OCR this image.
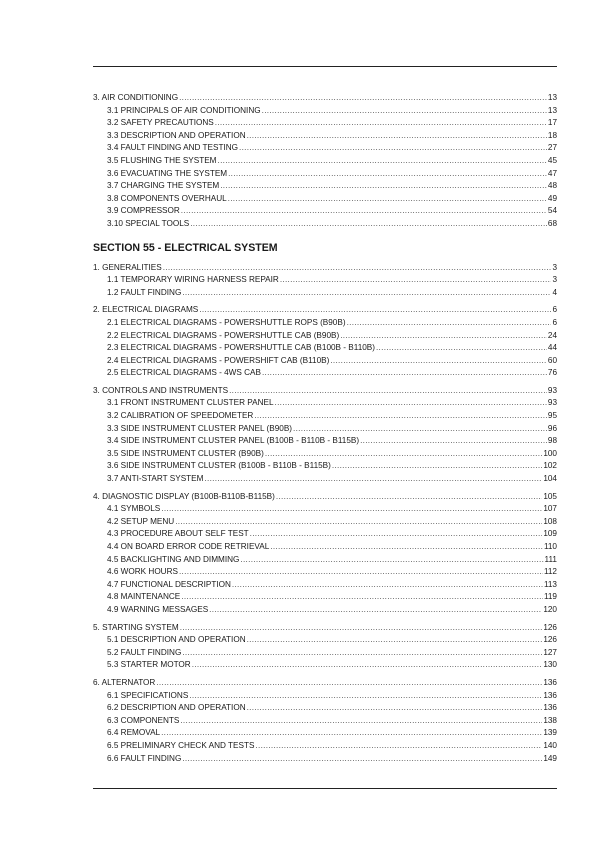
3. AIR CONDITIONING .....	13
3.1 PRINCIPALS OF AIR CONDITIONING .....	13
3.2 SAFETY PRECAUTIONS .....	17
3.3 DESCRIPTION AND OPERATION .....	18
3.4 FAULT FINDING AND TESTING .....	27
3.5 FLUSHING THE SYSTEM .....	45
3.6 EVACUATING THE SYSTEM .....	47
3.7 CHARGING THE SYSTEM .....	48
3.8 COMPONENTS OVERHAUL .....	49
3.9 COMPRESSOR .....	54
3.10 SPECIAL TOOLS .....	68
SECTION 55 - ELECTRICAL SYSTEM
1. GENERALITIES .....	3
1.1 TEMPORARY WIRING HARNESS REPAIR .....	3
1.2 FAULT FINDING .....	4
2. ELECTRICAL DIAGRAMS .....	6
2.1 ELECTRICAL DIAGRAMS - POWERSHUTTLE ROPS (B90B) .....	6
2.2 ELECTRICAL DIAGRAMS - POWERSHUTTLE CAB (B90B) .....	24
2.3 ELECTRICAL DIAGRAMS - POWERSHUTTLE CAB (B100B - B110B) .....	44
2.4 ELECTRICAL DIAGRAMS - POWERSHIFT CAB (B110B) .....	60
2.5 ELECTRICAL DIAGRAMS - 4WS CAB .....	76
3. CONTROLS AND INSTRUMENTS .....	93
3.1 FRONT INSTRUMENT CLUSTER PANEL .....	93
3.2 CALIBRATION OF SPEEDOMETER .....	95
3.3 SIDE INSTRUMENT CLUSTER PANEL (B90B) .....	96
3.4 SIDE INSTRUMENT CLUSTER PANEL (B100B - B110B - B115B) .....	98
3.5 SIDE INSTRUMENT CLUSTER (B90B) .....	100
3.6 SIDE INSTRUMENT CLUSTER (B100B - B110B - B115B) .....	102
3.7 ANTI-START SYSTEM .....	104
4. DIAGNOSTIC DISPLAY (B100B-B110B-B115B) .....	105
4.1 SYMBOLS .....	107
4.2 SETUP MENU .....	108
4.3 PROCEDURE ABOUT SELF TEST .....	109
4.4 ON BOARD ERROR CODE RETRIEVAL .....	110
4.5 BACKLIGHTING AND DIMMING .....	111
4.6 WORK HOURS .....	112
4.7 FUNCTIONAL DESCRIPTION .....	113
4.8 MAINTENANCE .....	119
4.9 WARNING MESSAGES .....	120
5. STARTING SYSTEM .....	126
5.1 DESCRIPTION AND OPERATION .....	126
5.2 FAULT FINDING .....	127
5.3 STARTER MOTOR .....	130
6. ALTERNATOR .....	136
6.1 SPECIFICATIONS .....	136
6.2 DESCRIPTION AND OPERATION .....	136
6.3 COMPONENTS .....	138
6.4 REMOVAL .....	139
6.5 PRELIMINARY CHECK AND TESTS .....	140
6.6 FAULT FINDING .....	149
